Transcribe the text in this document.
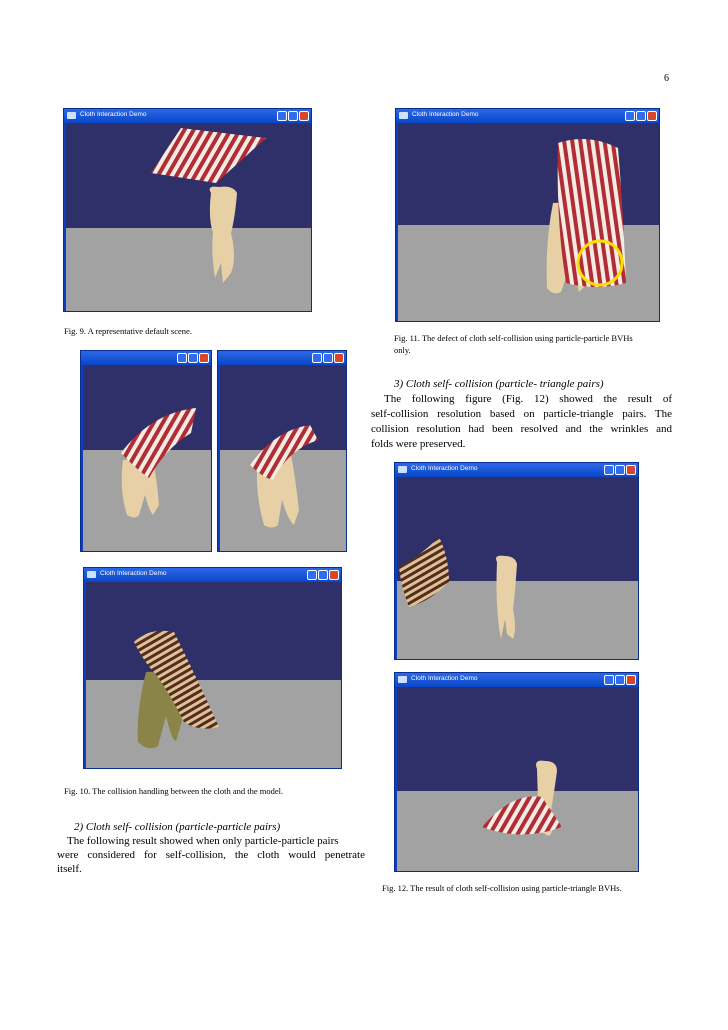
6
Cloth Interaction Demo
Fig. 9. A representative default scene.
Cloth Interaction Demo
Fig. 10. The collision handling between the cloth and the model.
2) Cloth self- collision (particle-particle pairs)
The following result showed when only particle-particle pairs
were considered for self-collision, the cloth would penetrate
itself.
Cloth Interaction Demo
Fig. 11. The defect of cloth self-collision using particle-particle BVHs
only.
3) Cloth self- collision (particle- triangle pairs)
The following figure (Fig. 12) showed the result of
self-collision resolution based on particle-triangle pairs. The
collision resolution had been resolved and the wrinkles and
folds were preserved.
Cloth Interaction Demo
Cloth Interaction Demo
Fig. 12. The result of cloth self-collision using particle-triangle BVHs.
